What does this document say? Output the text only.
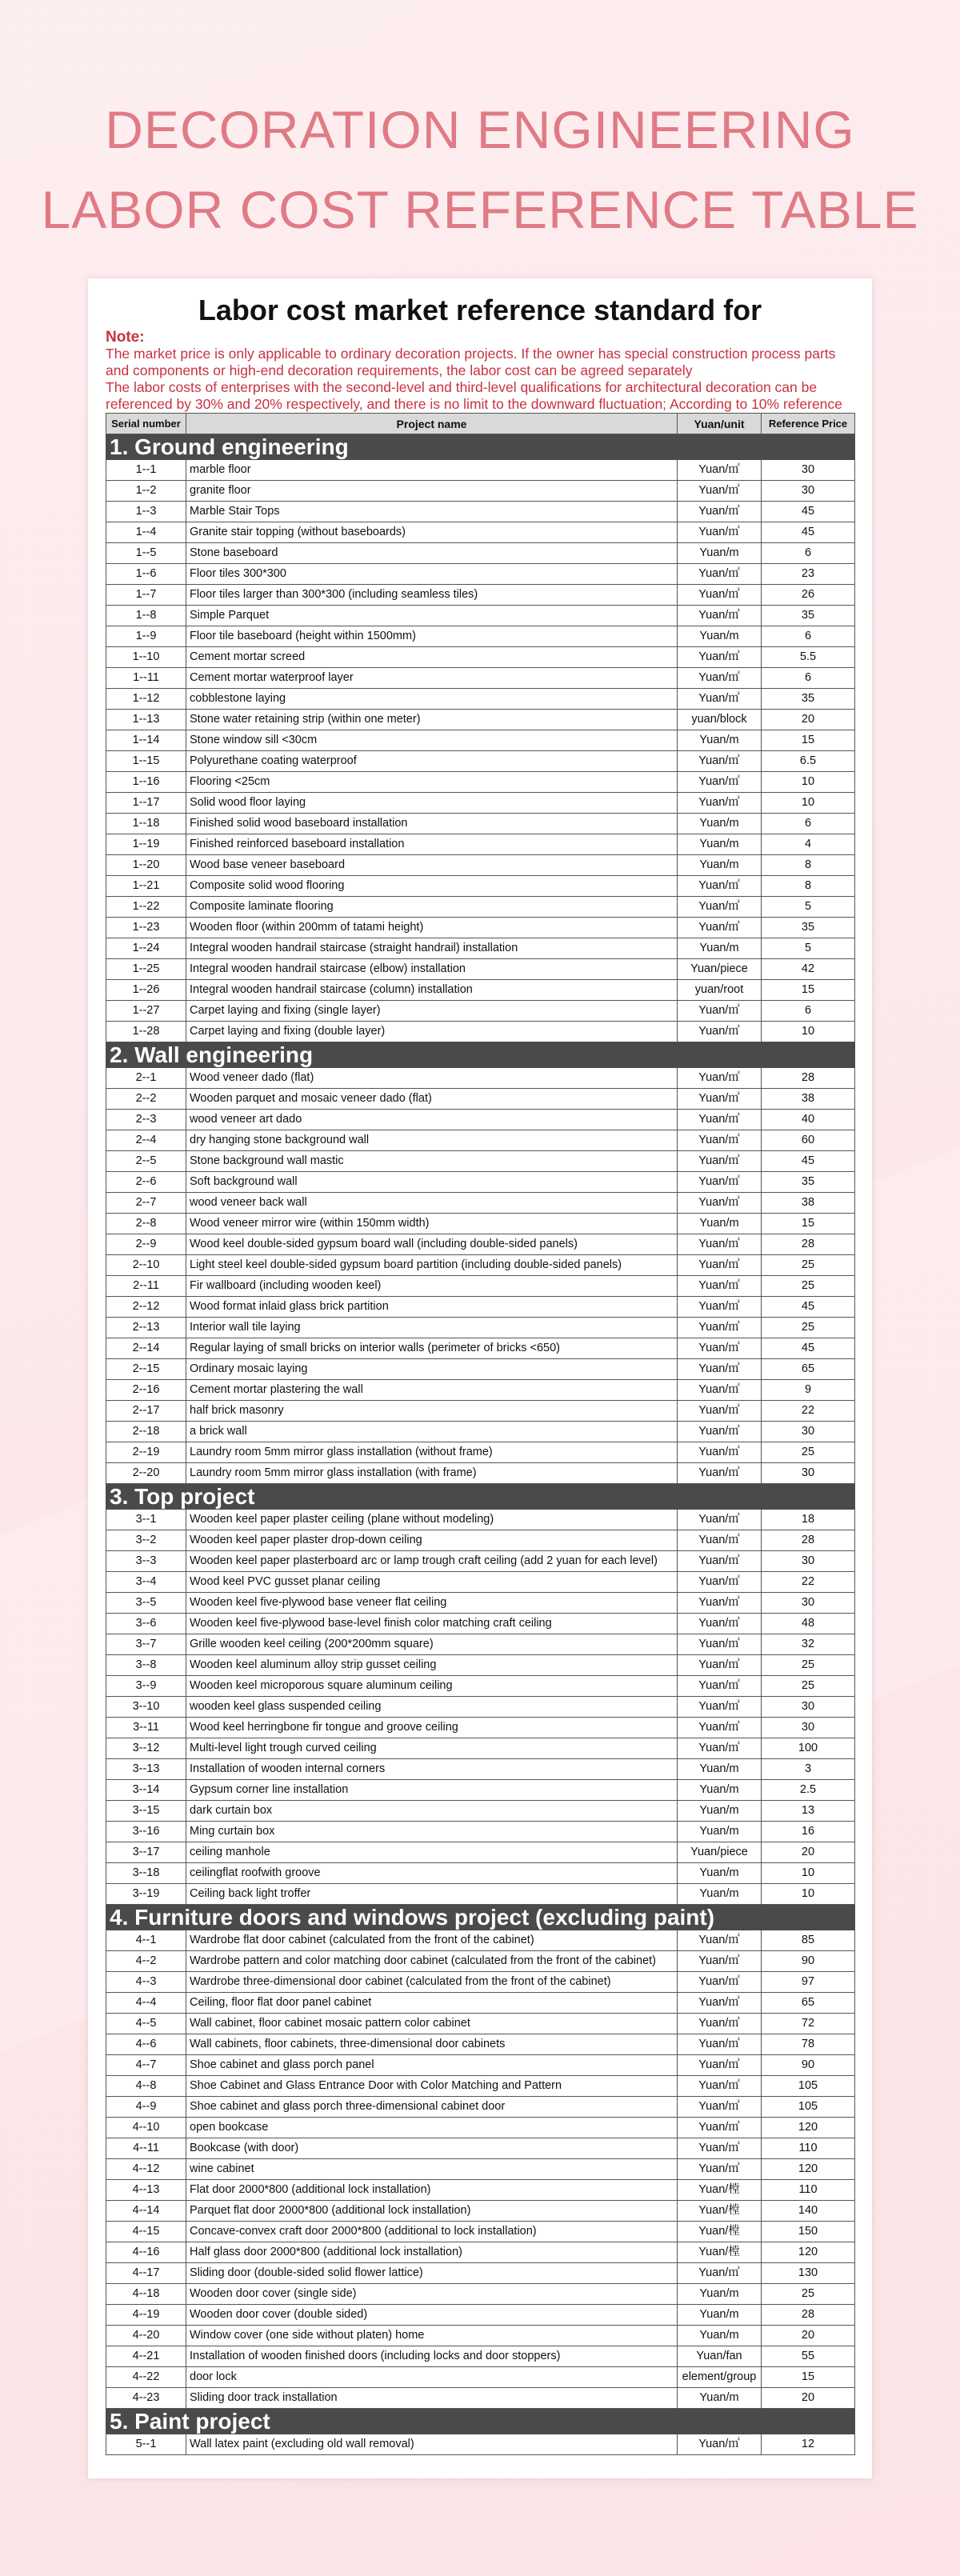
DECORATION ENGINEERING
LABOR COST REFERENCE TABLE
Labor cost market reference standard for
Note:
The market price is only applicable to ordinary decoration projects. If the owner has special construction process parts and components or high-end decoration requirements, the labor cost can be agreed separately
The labor costs of enterprises with the second-level and third-level qualifications for architectural decoration can be referenced by 30% and 20% respectively, and there is no limit to the downward fluctuation; According to 10% reference
Serial number	Project name	Yuan/unit	Reference Price
1. Ground engineering			
1--1	marble floor	Yuan/㎡	30
1--2	granite floor	Yuan/㎡	30
1--3	Marble Stair Tops	Yuan/㎡	45
1--4	Granite stair topping (without baseboards)	Yuan/㎡	45
1--5	Stone baseboard	Yuan/m	6
1--6	Floor tiles 300*300	Yuan/㎡	23
1--7	Floor tiles larger than 300*300 (including seamless tiles)	Yuan/㎡	26
1--8	Simple Parquet	Yuan/㎡	35
1--9	Floor tile baseboard (height within 1500mm)	Yuan/m	6
1--10	Cement mortar screed	Yuan/㎡	5.5
1--11	Cement mortar waterproof layer	Yuan/㎡	6
1--12	cobblestone laying	Yuan/㎡	35
1--13	Stone water retaining strip (within one meter)	yuan/block	20
1--14	Stone window sill <30cm	Yuan/m	15
1--15	Polyurethane coating waterproof	Yuan/㎡	6.5
1--16	Flooring <25cm	Yuan/㎡	10
1--17	Solid wood floor laying	Yuan/㎡	10
1--18	Finished solid wood baseboard installation	Yuan/m	6
1--19	Finished reinforced baseboard installation	Yuan/m	4
1--20	Wood base veneer baseboard	Yuan/m	8
1--21	Composite solid wood flooring	Yuan/㎡	8
1--22	Composite laminate flooring	Yuan/㎡	5
1--23	Wooden floor (within 200mm of tatami height)	Yuan/㎡	35
1--24	Integral wooden handrail staircase (straight handrail) installation	Yuan/m	5
1--25	Integral wooden handrail staircase (elbow) installation	Yuan/piece	42
1--26	Integral wooden handrail staircase (column) installation	yuan/root	15
1--27	Carpet laying and fixing (single layer)	Yuan/㎡	6
1--28	Carpet laying and fixing (double layer)	Yuan/㎡	10
2. Wall engineering			
2--1	Wood veneer dado (flat)	Yuan/㎡	28
2--2	Wooden parquet and mosaic veneer dado (flat)	Yuan/㎡	38
2--3	wood veneer art dado	Yuan/㎡	40
2--4	dry hanging stone background wall	Yuan/㎡	60
2--5	Stone background wall mastic	Yuan/㎡	45
2--6	Soft background wall	Yuan/㎡	35
2--7	wood veneer back wall	Yuan/㎡	38
2--8	Wood veneer mirror wire (within 150mm width)	Yuan/m	15
2--9	Wood keel double-sided gypsum board wall (including double-sided panels)	Yuan/㎡	28
2--10	Light steel keel double-sided gypsum board partition (including double-sided panels)	Yuan/㎡	25
2--11	Fir wallboard (including wooden keel)	Yuan/㎡	25
2--12	Wood format inlaid glass brick partition	Yuan/㎡	45
2--13	Interior wall tile laying	Yuan/㎡	25
2--14	Regular laying of small bricks on interior walls (perimeter of bricks <650)	Yuan/㎡	45
2--15	Ordinary mosaic laying	Yuan/㎡	65
2--16	Cement mortar plastering the wall	Yuan/㎡	9
2--17	half brick masonry	Yuan/㎡	22
2--18	a brick wall	Yuan/㎡	30
2--19	Laundry room 5mm mirror glass installation (without frame)	Yuan/㎡	25
2--20	Laundry room 5mm mirror glass installation (with frame)	Yuan/㎡	30
3. Top project			
3--1	Wooden keel paper plaster ceiling (plane without modeling)	Yuan/㎡	18
3--2	Wooden keel paper plaster drop-down ceiling	Yuan/㎡	28
3--3	Wooden keel paper plasterboard arc or lamp trough craft ceiling (add 2 yuan for each level)	Yuan/㎡	30
3--4	Wood keel PVC gusset planar ceiling	Yuan/㎡	22
3--5	Wooden keel five-plywood base veneer flat ceiling	Yuan/㎡	30
3--6	Wooden keel five-plywood base-level finish color matching craft ceiling	Yuan/㎡	48
3--7	Grille wooden keel ceiling (200*200mm square)	Yuan/㎡	32
3--8	Wooden keel aluminum alloy strip gusset ceiling	Yuan/㎡	25
3--9	Wooden keel microporous square aluminum ceiling	Yuan/㎡	25
3--10	wooden keel glass suspended ceiling	Yuan/㎡	30
3--11	Wood keel herringbone fir tongue and groove ceiling	Yuan/㎡	30
3--12	Multi-level light trough curved ceiling	Yuan/㎡	100
3--13	Installation of wooden internal corners	Yuan/m	3
3--14	Gypsum corner line installation	Yuan/m	2.5
3--15	dark curtain box	Yuan/m	13
3--16	Ming curtain box	Yuan/m	16
3--17	ceiling manhole	Yuan/piece	20
3--18	ceilingflat roofwith groove	Yuan/m	10
3--19	Ceiling back light troffer	Yuan/m	10
4. Furniture doors and windows project (excluding paint)			
4--1	Wardrobe flat door cabinet (calculated from the front of the cabinet)	Yuan/㎡	85
4--2	Wardrobe pattern and color matching door cabinet (calculated from the front of the cabinet)	Yuan/㎡	90
4--3	Wardrobe three-dimensional door cabinet (calculated from the front of the cabinet)	Yuan/㎡	97
4--4	Ceiling, floor flat door panel cabinet	Yuan/㎡	65
4--5	Wall cabinet, floor cabinet mosaic pattern color cabinet	Yuan/㎡	72
4--6	Wall cabinets, floor cabinets, three-dimensional door cabinets	Yuan/㎡	78
4--7	Shoe cabinet and glass porch panel	Yuan/㎡	90
4--8	Shoe Cabinet and Glass Entrance Door with Color Matching and Pattern	Yuan/㎡	105
4--9	Shoe cabinet and glass porch three-dimensional cabinet door	Yuan/㎡	105
4--10	open bookcase	Yuan/㎡	120
4--11	Bookcase (with door)	Yuan/㎡	110
4--12	wine cabinet	Yuan/㎡	120
4--13	Flat door 2000*800 (additional lock installation)	Yuan/樘	110
4--14	Parquet flat door 2000*800 (additional lock installation)	Yuan/樘	140
4--15	Concave-convex craft door 2000*800 (additional to lock installation)	Yuan/樘	150
4--16	Half glass door 2000*800 (additional lock installation)	Yuan/樘	120
4--17	Sliding door (double-sided solid flower lattice)	Yuan/㎡	130
4--18	Wooden door cover (single side)	Yuan/m	25
4--19	Wooden door cover (double sided)	Yuan/m	28
4--20	Window cover (one side without platen) home	Yuan/m	20
4--21	Installation of wooden finished doors (including locks and door stoppers)	Yuan/fan	55
4--22	door lock	element/group	15
4--23	Sliding door track installation	Yuan/m	20
5. Paint project			
5--1	Wall latex paint (excluding old wall removal)	Yuan/㎡	12
